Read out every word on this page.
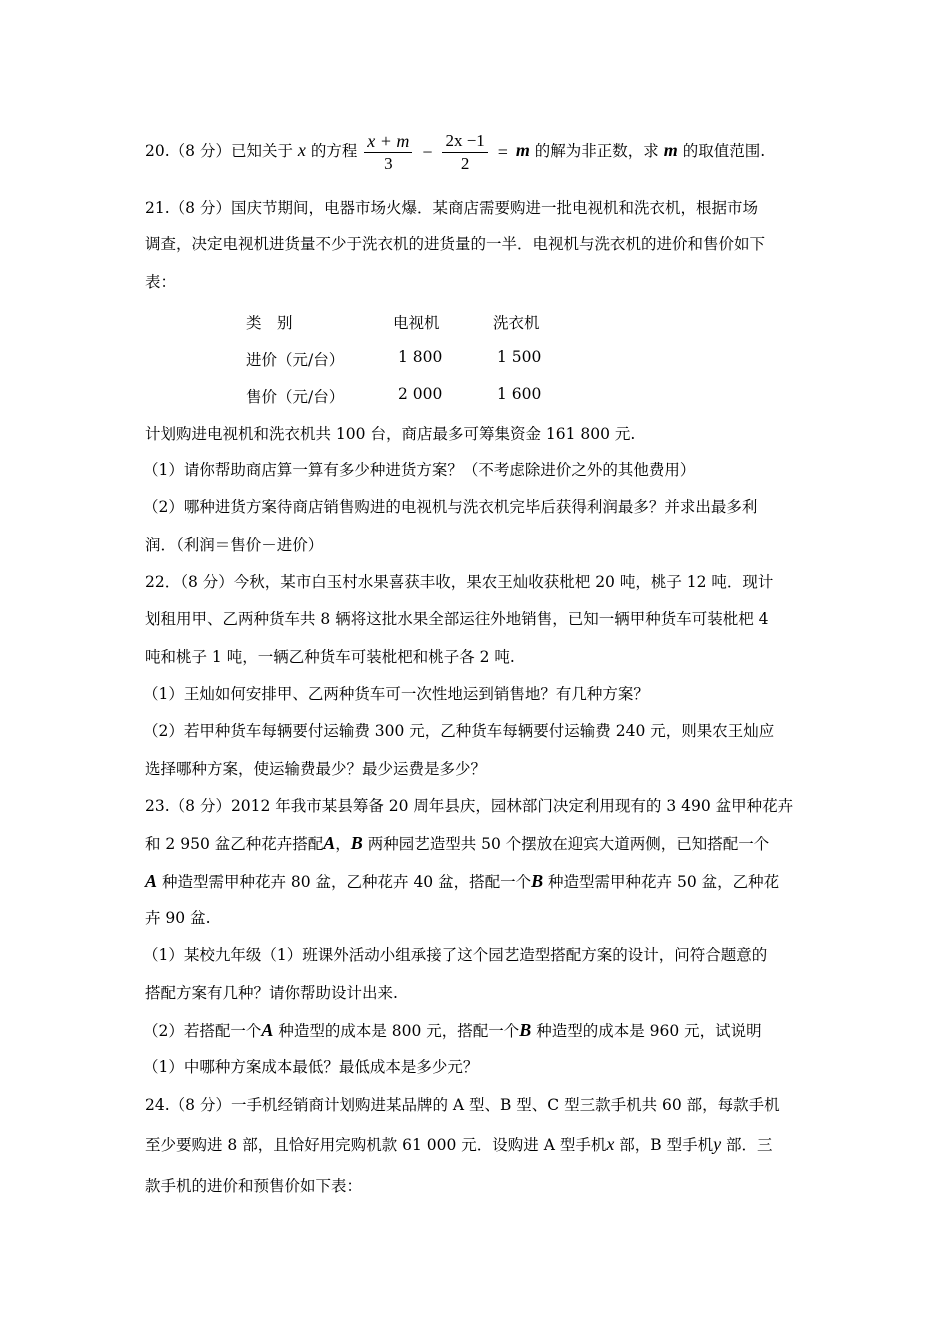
20.（8 分）已知关于 x 的方程 $\frac{x + m}{3} - \frac{2x -1}{2} = m$ 的解为非正数，求 m 的取值范围.
21.（8 分）国庆节期间，电器市场火爆．某商店需要购进一批电视机和洗衣机，根据市场
调查，决定电视机进货量不少于洗衣机的进货量的一半．电视机与洗衣机的进价和售价如下
表：
类　别	电视机	洗衣机
进价（元/台）	1 800	1 500
售价（元/台）	2 000	1 600
计划购进电视机和洗衣机共 100 台，商店最多可筹集资金 161 800 元.
（1）请你帮助商店算一算有多少种进货方案？（不考虑除进价之外的其他费用）
（2）哪种进货方案待商店销售购进的电视机与洗衣机完毕后获得利润最多？并求出最多利
润．（利润＝售价－进价）
22．（8 分）今秋，某市白玉村水果喜获丰收，果农王灿收获枇杷 20 吨，桃子 12 吨．现计
划租用甲、乙两种货车共 8 辆将这批水果全部运往外地销售，已知一辆甲种货车可装枇杷 4
吨和桃子 1 吨，一辆乙种货车可装枇杷和桃子各 2 吨.
（1）王灿如何安排甲、乙两种货车可一次性地运到销售地？有几种方案？
（2）若甲种货车每辆要付运输费 300 元，乙种货车每辆要付运输费 240 元，则果农王灿应
选择哪种方案，使运输费最少？最少运费是多少？
23.（8 分）2012 年我市某县筹备 20 周年县庆，园林部门决定利用现有的 3 490 盆甲种花卉
和 2 950 盆乙种花卉搭配A，B 两种园艺造型共 50 个摆放在迎宾大道两侧，已知搭配一个
A 种造型需甲种花卉 80 盆，乙种花卉 40 盆，搭配一个B 种造型需甲种花卉 50 盆，乙种花
卉 90 盆.
（1）某校九年级（1）班课外活动小组承接了这个园艺造型搭配方案的设计，问符合题意的
搭配方案有几种？请你帮助设计出来.
（2）若搭配一个A 种造型的成本是 800 元，搭配一个B 种造型的成本是 960 元，试说明
（1）中哪种方案成本最低？最低成本是多少元？
24.（8 分）一手机经销商计划购进某品牌的 A 型、B 型、C 型三款手机共 60 部，每款手机
至少要购进 8 部，且恰好用完购机款 61 000 元．设购进 A 型手机x 部，B 型手机y 部．三
款手机的进价和预售价如下表：
